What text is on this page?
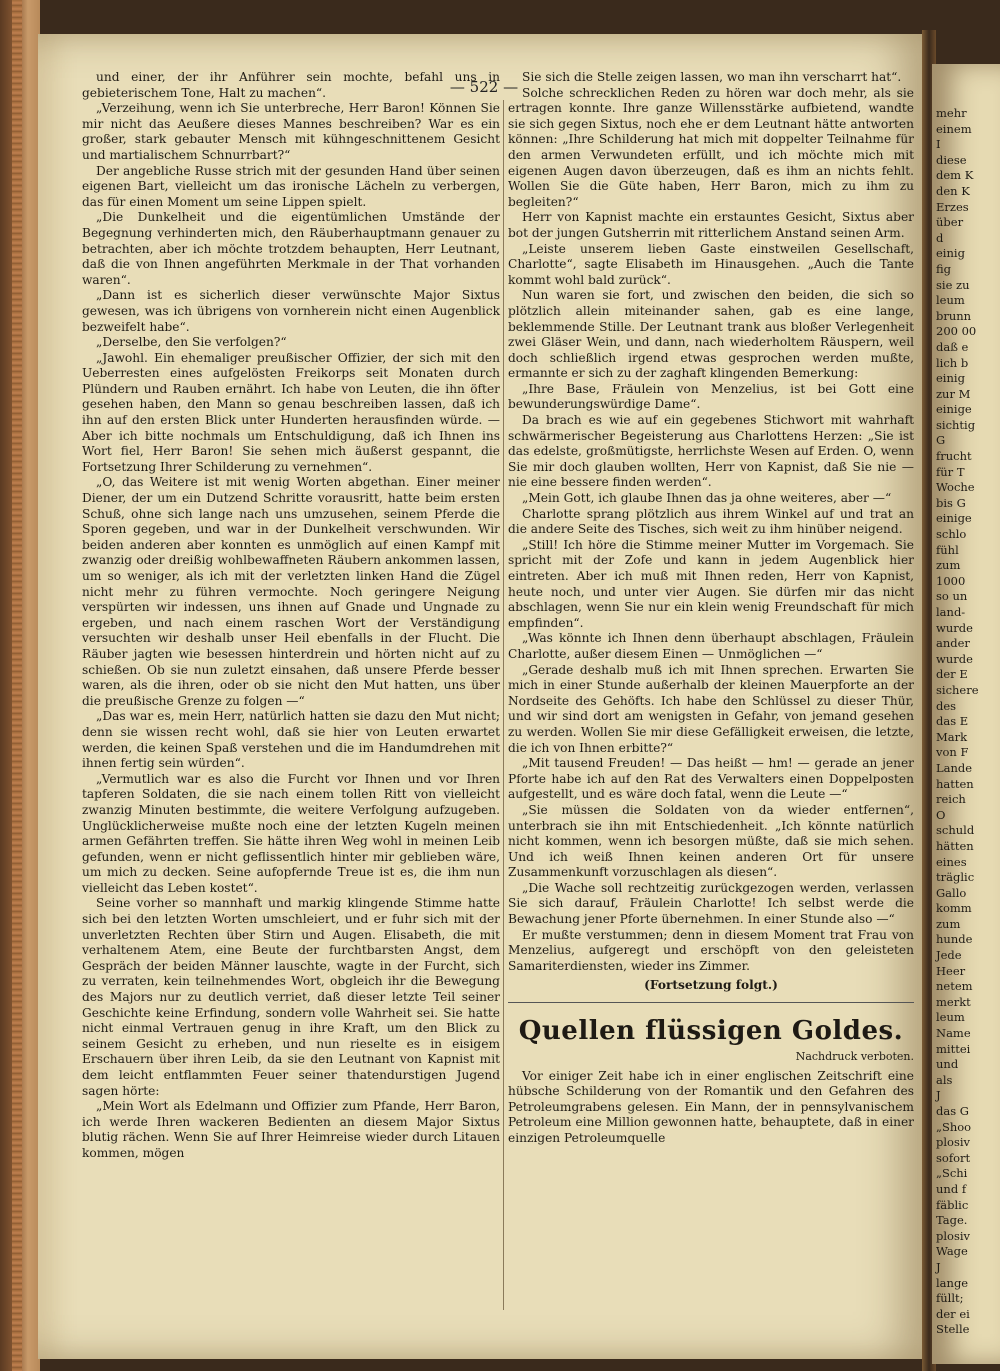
— 522 —
mehr
einem
I
diese
dem K
den K
Erzes
über
d
einig
fig
sie zu
leum
brunn
200 00
daß e
lich b
einig
zur M
einige
sichtig
G
frucht
für T
Woche
bis G
einige
schlo
fühl
zum
1000
so un
land-
wurde
ander
wurde
der E
sichere
des
das E
Mark
von F
Lande
hatten
reich
O
schuld
hätten
eines
träglic
Gallo
komm
zum
hunde
Jede
Heer
netem
merkt
leum
Name
mittei
und
als
J
das G
„Shoo
plosiv
sofort
„Schi
und f
fäblic
Tage.
plosiv
Wage
J
lange
füllt;
der ei
Stelle

und einer, der ihr Anführer sein mochte, befahl uns in gebieterischem Tone, Halt zu machen“.

„Verzeihung, wenn ich Sie unterbreche, Herr Baron! Können Sie mir nicht das Aeußere dieses Mannes beschreiben? War es ein großer, stark gebauter Mensch mit kühngeschnittenem Gesicht und martialischem Schnurrbart?“

Der angebliche Russe strich mit der gesunden Hand über seinen eigenen Bart, vielleicht um das ironische Lächeln zu verbergen, das für einen Moment um seine Lippen spielt.

„Die Dunkelheit und die eigentümlichen Umstände der Begegnung verhinderten mich, den Räuberhauptmann genauer zu betrachten, aber ich möchte trotzdem behaupten, Herr Leutnant, daß die von Ihnen angeführten Merkmale in der That vorhanden waren“.

„Dann ist es sicherlich dieser verwünschte Major Sixtus gewesen, was ich übrigens von vornherein nicht einen Augenblick bezweifelt habe“.

„Derselbe, den Sie verfolgen?“

„Jawohl. Ein ehemaliger preußischer Offizier, der sich mit den Ueberresten eines aufgelösten Freikorps seit Monaten durch Plündern und Rauben ernährt. Ich habe von Leuten, die ihn öfter gesehen haben, den Mann so genau beschreiben lassen, daß ich ihn auf den ersten Blick unter Hunderten herausfinden würde. — Aber ich bitte nochmals um Entschuldigung, daß ich Ihnen ins Wort fiel, Herr Baron! Sie sehen mich äußerst gespannt, die Fortsetzung Ihrer Schilderung zu vernehmen“.

„O, das Weitere ist mit wenig Worten abgethan. Einer meiner Diener, der um ein Dutzend Schritte vorausritt, hatte beim ersten Schuß, ohne sich lange nach uns umzusehen, seinem Pferde die Sporen gegeben, und war in der Dunkelheit verschwunden. Wir beiden anderen aber konnten es unmöglich auf einen Kampf mit zwanzig oder dreißig wohlbewaffneten Räubern ankommen lassen, um so weniger, als ich mit der verletzten linken Hand die Zügel nicht mehr zu führen vermochte. Noch geringere Neigung verspürten wir indessen, uns ihnen auf Gnade und Ungnade zu ergeben, und nach einem raschen Wort der Verständigung versuchten wir deshalb unser Heil ebenfalls in der Flucht. Die Räuber jagten wie besessen hinterdrein und hörten nicht auf zu schießen. Ob sie nun zuletzt einsahen, daß unsere Pferde besser waren, als die ihren, oder ob sie nicht den Mut hatten, uns über die preußische Grenze zu folgen —“

„Das war es, mein Herr, natürlich hatten sie dazu den Mut nicht; denn sie wissen recht wohl, daß sie hier von Leuten erwartet werden, die keinen Spaß verstehen und die im Handumdrehen mit ihnen fertig sein würden“.

„Vermutlich war es also die Furcht vor Ihnen und vor Ihren tapferen Soldaten, die sie nach einem tollen Ritt von vielleicht zwanzig Minuten bestimmte, die weitere Verfolgung aufzugeben. Unglücklicherweise mußte noch eine der letzten Kugeln meinen armen Gefährten treffen. Sie hätte ihren Weg wohl in meinen Leib gefunden, wenn er nicht geflissentlich hinter mir geblieben wäre, um mich zu decken. Seine aufopfernde Treue ist es, die ihm nun vielleicht das Leben kostet“.

Seine vorher so mannhaft und markig klingende Stimme hatte sich bei den letzten Worten umschleiert, und er fuhr sich mit der unverletzten Rechten über Stirn und Augen. Elisabeth, die mit verhaltenem Atem, eine Beute der furchtbarsten Angst, dem Gespräch der beiden Männer lauschte, wagte in der Furcht, sich zu verraten, kein teilnehmendes Wort, obgleich ihr die Bewegung des Majors nur zu deutlich verriet, daß dieser letzte Teil seiner Geschichte keine Erfindung, sondern volle Wahrheit sei. Sie hatte nicht einmal Vertrauen genug in ihre Kraft, um den Blick zu seinem Gesicht zu erheben, und nun rieselte es in eisigem Erschauern über ihren Leib, da sie den Leutnant von Kapnist mit dem leicht entflammten Feuer seiner thatendurstigen Jugend sagen hörte:

„Mein Wort als Edelmann und Offizier zum Pfande, Herr Baron, ich werde Ihren wackeren Bedienten an diesem Major Sixtus blutig rächen. Wenn Sie auf Ihrer Heimreise wieder durch Litauen kommen, mögen

Sie sich die Stelle zeigen lassen, wo man ihn verscharrt hat“.

Solche schrecklichen Reden zu hören war doch mehr, als sie ertragen konnte. Ihre ganze Willensstärke aufbietend, wandte sie sich gegen Sixtus, noch ehe er dem Leutnant hätte antworten können: „Ihre Schilderung hat mich mit doppelter Teilnahme für den armen Verwundeten erfüllt, und ich möchte mich mit eigenen Augen davon überzeugen, daß es ihm an nichts fehlt. Wollen Sie die Güte haben, Herr Baron, mich zu ihm zu begleiten?“

Herr von Kapnist machte ein erstauntes Gesicht, Sixtus aber bot der jungen Gutsherrin mit ritterlichem Anstand seinen Arm.

„Leiste unserem lieben Gaste einstweilen Gesellschaft, Charlotte“, sagte Elisabeth im Hinausgehen. „Auch die Tante kommt wohl bald zurück“.

Nun waren sie fort, und zwischen den beiden, die sich so plötzlich allein miteinander sahen, gab es eine lange, beklemmende Stille. Der Leutnant trank aus bloßer Verlegenheit zwei Gläser Wein, und dann, nach wiederholtem Räuspern, weil doch schließlich irgend etwas gesprochen werden mußte, ermannte er sich zu der zaghaft klingenden Bemerkung:

„Ihre Base, Fräulein von Menzelius, ist bei Gott eine bewunderungswürdige Dame“.

Da brach es wie auf ein gegebenes Stichwort mit wahrhaft schwärmerischer Begeisterung aus Charlottens Herzen: „Sie ist das edelste, großmütigste, herrlichste Wesen auf Erden. O, wenn Sie mir doch glauben wollten, Herr von Kapnist, daß Sie nie — nie eine bessere finden werden“.

„Mein Gott, ich glaube Ihnen das ja ohne weiteres, aber —“

Charlotte sprang plötzlich aus ihrem Winkel auf und trat an die andere Seite des Tisches, sich weit zu ihm hinüber neigend.

„Still! Ich höre die Stimme meiner Mutter im Vorgemach. Sie spricht mit der Zofe und kann in jedem Augenblick hier eintreten. Aber ich muß mit Ihnen reden, Herr von Kapnist, heute noch, und unter vier Augen. Sie dürfen mir das nicht abschlagen, wenn Sie nur ein klein wenig Freundschaft für mich empfinden“.

„Was könnte ich Ihnen denn überhaupt abschlagen, Fräulein Charlotte, außer diesem Einen — Unmöglichen —“

„Gerade deshalb muß ich mit Ihnen sprechen. Erwarten Sie mich in einer Stunde außerhalb der kleinen Mauerpforte an der Nordseite des Gehöfts. Ich habe den Schlüssel zu dieser Thür, und wir sind dort am wenigsten in Gefahr, von jemand gesehen zu werden. Wollen Sie mir diese Gefälligkeit erweisen, die letzte, die ich von Ihnen erbitte?“

„Mit tausend Freuden! — Das heißt — hm! — gerade an jener Pforte habe ich auf den Rat des Verwalters einen Doppelposten aufgestellt, und es wäre doch fatal, wenn die Leute —“

„Sie müssen die Soldaten von da wieder entfernen“, unterbrach sie ihn mit Entschiedenheit. „Ich könnte natürlich nicht kommen, wenn ich besorgen müßte, daß sie mich sehen. Und ich weiß Ihnen keinen anderen Ort für unsere Zusammenkunft vorzuschlagen als diesen“.

„Die Wache soll rechtzeitig zurückgezogen werden, verlassen Sie sich darauf, Fräulein Charlotte! Ich selbst werde die Bewachung jener Pforte übernehmen. In einer Stunde also —“

Er mußte verstummen; denn in diesem Moment trat Frau von Menzelius, aufgeregt und erschöpft von den geleisteten Samariterdiensten, wieder ins Zimmer.

(Fortsetzung folgt.)
Quellen flüssigen Goldes.
Nachdruck verboten.

Vor einiger Zeit habe ich in einer englischen Zeitschrift eine hübsche Schilderung von der Romantik und den Gefahren des Petroleumgrabens gelesen. Ein Mann, der in pennsylvanischem Petroleum eine Million gewonnen hatte, behauptete, daß in einer einzigen Petroleumquelle
